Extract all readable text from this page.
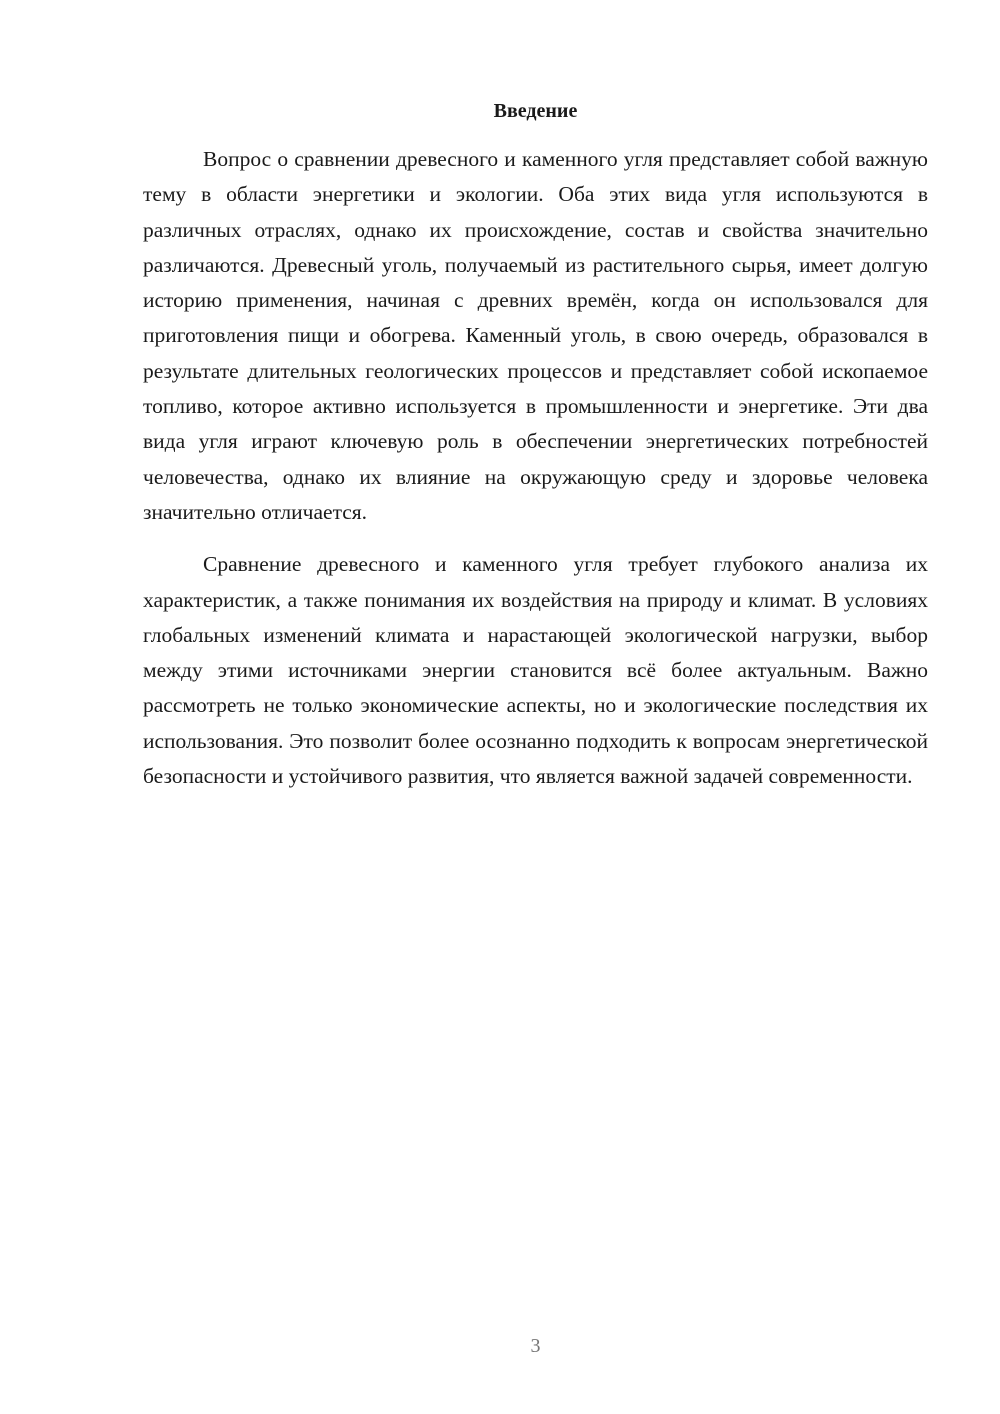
Введение

Вопрос о сравнении древесного и каменного угля представляет собой важную тему в области энергетики и экологии. Оба этих вида угля используются в различных отраслях, однако их происхождение, состав и свойства значительно различаются. Древесный уголь, получаемый из растительного сырья, имеет долгую историю применения, начиная с древних времён, когда он использовался для приготовления пищи и обогрева. Каменный уголь, в свою очередь, образовался в результате длительных геологических процессов и представляет собой ископаемое топливо, которое активно используется в промышленности и энергетике. Эти два вида угля играют ключевую роль в обеспечении энергетических потребностей человечества, однако их влияние на окружающую среду и здоровье человека значительно отличается.

Сравнение древесного и каменного угля требует глубокого анализа их характеристик, а также понимания их воздействия на природу и климат. В условиях глобальных изменений климата и нарастающей экологической нагрузки, выбор между этими источниками энергии становится всё более актуальным. Важно рассмотреть не только экономические аспекты, но и экологические последствия их использования. Это позволит более осознанно подходить к вопросам энергетической безопасности и устойчивого развития, что является важной задачей современности.

3
